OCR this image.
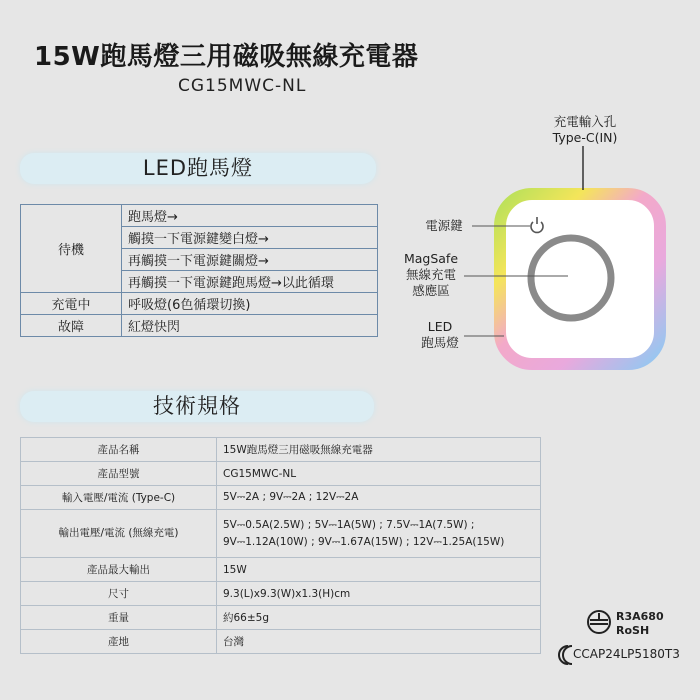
15W跑馬燈三用磁吸無線充電器
CG15MWC-NL
LED跑馬燈
待機	跑馬燈→
	觸摸一下電源鍵變白燈→
	再觸摸一下電源鍵關燈→
	再觸摸一下電源鍵跑馬燈→以此循環
充電中	呼吸燈(6色循環切換)
故障	紅燈快閃
技術規格
產品名稱	15W跑馬燈三用磁吸無線充電器
產品型號	CG15MWC-NL
輸入電壓/電流 (Type-C)	5V⎓2A ; 9V⎓2A ; 12V⎓2A
輸出電壓/電流 (無線充電)	5V⎓0.5A(2.5W) ; 5V⎓1A(5W) ; 7.5V⎓1A(7.5W) ;
9V⎓1.12A(10W) ; 9V⎓1.67A(15W) ; 12V⎓1.25A(15W)

產品最大輸出	15W
尺寸	9.3(L)x9.3(W)x1.3(H)cm
重量	約66±5g
產地	台灣
充電輸入孔
Type-C(IN)
電源鍵
MagSafe
無線充電
感應區
LED
跑馬燈
R3A680
RoSH
CCAP24LP5180T3
